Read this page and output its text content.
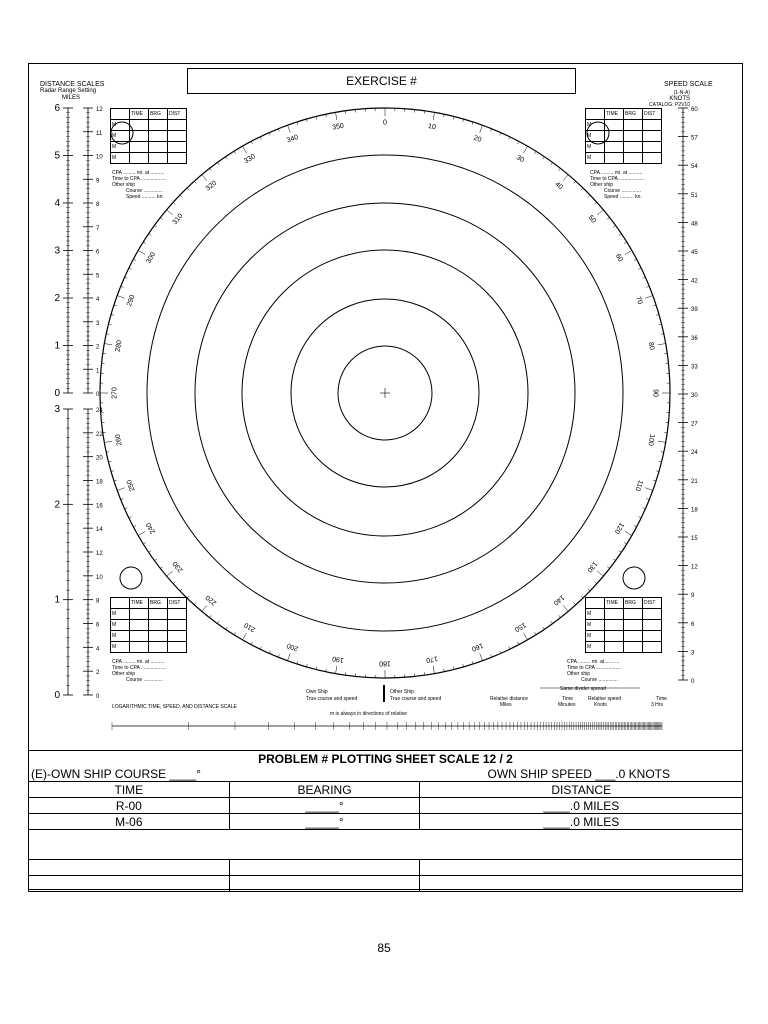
EXERCISE #
DISTANCE SCALES
Radar Range Setting
MILES
SPEED SCALE
(1-N-A)
KNOTS
CATALOG: P2V10
6
5
4
3
2
1
0
12
11
10
9
8
7
6
5
4
3
2
1
0
3
2
1
0
24
22
20
18
16
14
12
10
8
6
4
2
0
60
57
54
51
48
45
42
39
36
33
30
27
24
21
18
15
12
9
6
3
0
0	10
20
30
40
50
60
70
80
90
100
110
120
130
140
150
160
170
180
190
200
210
220
230
240
250
260
270
280
290
300
310
320
330
340
350
	TIME	BRG	DIST
M			
M			
M			
M			
	TIME	BRG	DIST
M			
M			
M			
M			
	TIME	BRG	DIST
M			
M			
M			
M			
	TIME	BRG	DIST
M			
M			
M			
M			
CPA ......... mi. at ..........
Time to CPA ..................
Other ship
Course ..............
Speed .......... kn.
CPA ......... mi. at ..........
Time to CPA ..................
Other ship
Course ..............
Speed .......... kn.
CPA ......... mi. at ..........
Time to CPA ..................
Other ship
Course ..............
CPA ......... mi. at ..........
Time to CPA ..................
Other ship
Course ..............
LOGARITHMIC TIME, SPEED, AND DISTANCE SCALE
Own Ship
True course and speed
Other Ship
True course and speed
m is always in directions of relative
Same divider spread
Relative distance
Miles
Time
Minutes
Relative speed
Knots
Time
3 Hrs
PROBLEM # PLOTTING SHEET SCALE 12 / 2		
(E)-OWN SHIP COURSE ____° OWN SHIP SPEED ___.0 KNOTS		

TIME	BEARING	DISTANCE
R-00	_____°	____.0 MILES
M-06	_____°	____.0 MILES

85
